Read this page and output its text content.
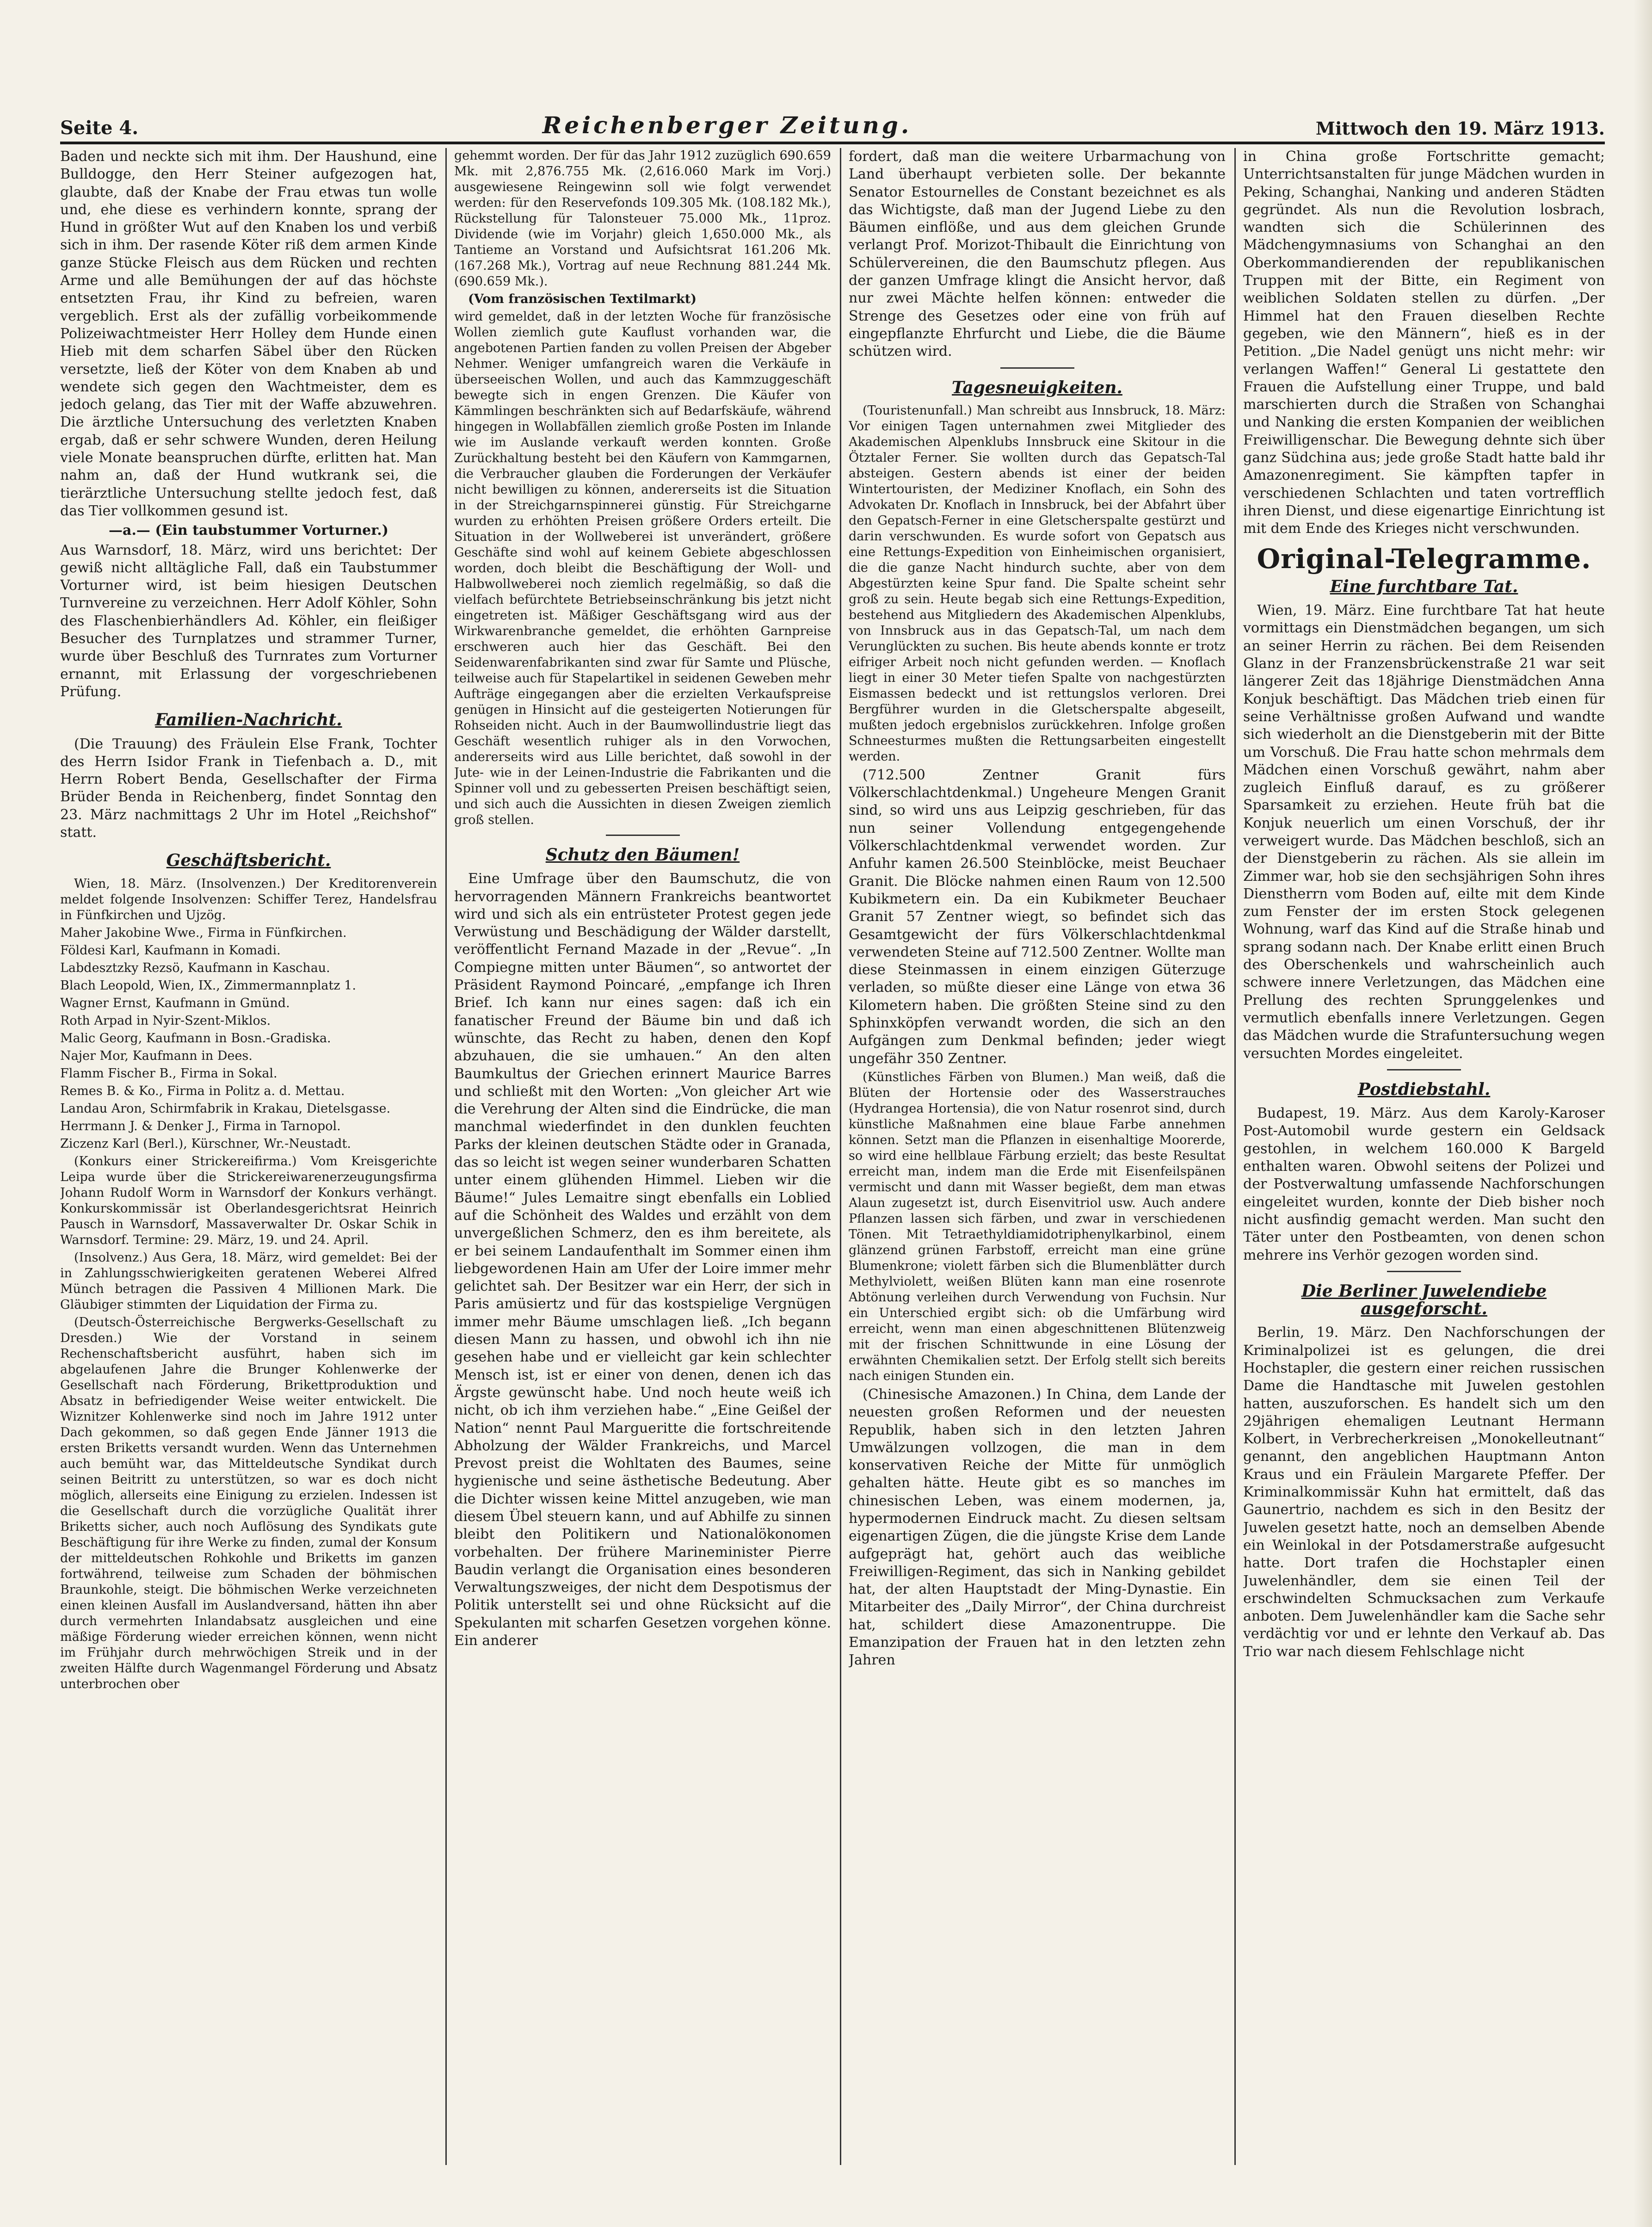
Seite 4.	Reichenberger Zeitung.	Mittwoch den 19. März 1913.

Baden und neckte sich mit ihm. Der Haushund, eine Bulldogge, den Herr Steiner aufgezogen hat, glaubte, daß der Knabe der Frau etwas tun wolle und, ehe diese es verhindern konnte, sprang der Hund in größter Wut auf den Knaben los und verbiß sich in ihm. Der rasende Köter riß dem armen Kinde ganze Stücke Fleisch aus dem Rücken und rechten Arme und alle Bemühungen der auf das höchste entsetzten Frau, ihr Kind zu befreien, waren vergeblich. Erst als der zufällig vorbeikommende Polizeiwachtmeister Herr Holley dem Hunde einen Hieb mit dem scharfen Säbel über den Rücken versetzte, ließ der Köter von dem Knaben ab und wendete sich gegen den Wachtmeister, dem es jedoch gelang, das Tier mit der Waffe abzuwehren. Die ärztliche Untersuchung des verletzten Knaben ergab, daß er sehr schwere Wunden, deren Heilung viele Monate beanspruchen dürfte, erlitten hat. Man nahm an, daß der Hund wutkrank sei, die tierärztliche Untersuchung stellte jedoch fest, daß das Tier vollkommen gesund ist.

—a.— (Ein taubstummer Vorturner.)

Aus Warnsdorf, 18. März, wird uns berichtet: Der gewiß nicht alltägliche Fall, daß ein Taubstummer Vorturner wird, ist beim hiesigen Deutschen Turnvereine zu verzeichnen. Herr Adolf Köhler, Sohn des Flaschenbierhändlers Ad. Köhler, ein fleißiger Besucher des Turnplatzes und strammer Turner, wurde über Beschluß des Turnrates zum Vorturner ernannt, mit Erlassung der vorgeschriebenen Prüfung.

Familien-Nachricht.

(Die Trauung) des Fräulein Else Frank, Tochter des Herrn Isidor Frank in Tiefenbach a. D., mit Herrn Robert Benda, Gesellschafter der Firma Brüder Benda in Reichenberg, findet Sonntag den 23. März nachmittags 2 Uhr im Hotel „Reichshof“ statt.

Geschäftsbericht.

Wien, 18. März. (Insolvenzen.) Der Kreditorenverein meldet folgende Insolvenzen: Schiffer Terez, Handelsfrau in Fünfkirchen und Ujzög.

Maher Jakobine Wwe., Firma in Fünfkirchen.

Földesi Karl, Kaufmann in Komadi.

Labdesztzky Rezsö, Kaufmann in Kaschau.

Blach Leopold, Wien, IX., Zimmermannplatz 1.

Wagner Ernst, Kaufmann in Gmünd.

Roth Arpad in Nyir-Szent-Miklos.

Malic Georg, Kaufmann in Bosn.-Gradiska.

Najer Mor, Kaufmann in Dees.

Flamm Fischer B., Firma in Sokal.

Remes B. & Ko., Firma in Politz a. d. Mettau.

Landau Aron, Schirmfabrik in Krakau, Dietelsgasse.

Herrmann J. & Denker J., Firma in Tarnopol.

Ziczenz Karl (Berl.), Kürschner, Wr.-Neustadt.

(Konkurs einer Strickereifirma.) Vom Kreisgerichte Leipa wurde über die Strickereiwarenerzeugungsfirma Johann Rudolf Worm in Warnsdorf der Konkurs verhängt. Konkurskommissär ist Oberlandesgerichtsrat Heinrich Pausch in Warnsdorf, Massaverwalter Dr. Oskar Schik in Warnsdorf. Termine: 29. März, 19. und 24. April.

(Insolvenz.) Aus Gera, 18. März, wird gemeldet: Bei der in Zahlungsschwierigkeiten geratenen Weberei Alfred Münch betragen die Passiven 4 Millionen Mark. Die Gläubiger stimmten der Liquidation der Firma zu.

(Deutsch-Österreichische Bergwerks-Gesellschaft zu Dresden.) Wie der Vorstand in seinem Rechenschaftsbericht ausführt, haben sich im abgelaufenen Jahre die Brunger Kohlenwerke der Gesellschaft nach Förderung, Brikettproduktion und Absatz in befriedigender Weise weiter entwickelt. Die Wiznitzer Kohlenwerke sind noch im Jahre 1912 unter Dach gekommen, so daß gegen Ende Jänner 1913 die ersten Briketts versandt wurden. Wenn das Unternehmen auch bemüht war, das Mitteldeutsche Syndikat durch seinen Beitritt zu unterstützen, so war es doch nicht möglich, allerseits eine Einigung zu erzielen. Indessen ist die Gesellschaft durch die vorzügliche Qualität ihrer Briketts sicher, auch noch Auflösung des Syndikats gute Beschäftigung für ihre Werke zu finden, zumal der Konsum der mitteldeutschen Rohkohle und Briketts im ganzen fortwährend, teilweise zum Schaden der böhmischen Braunkohle, steigt. Die böhmischen Werke verzeichneten einen kleinen Ausfall im Auslandversand, hätten ihn aber durch vermehrten Inlandabsatz ausgleichen und eine mäßige Förderung wieder erreichen können, wenn nicht im Frühjahr durch mehrwöchigen Streik und in der zweiten Hälfte durch Wagenmangel Förderung und Absatz unterbrochen ober

gehemmt worden. Der für das Jahr 1912 zuzüglich 690.659 Mk. mit 2,876.755 Mk. (2,616.060 Mark im Vorj.) ausgewiesene Reingewinn soll wie folgt verwendet werden: für den Reservefonds 109.305 Mk. (108.182 Mk.), Rückstellung für Talonsteuer 75.000 Mk., 11proz. Dividende (wie im Vorjahr) gleich 1,650.000 Mk., als Tantieme an Vorstand und Aufsichtsrat 161.206 Mk. (167.268 Mk.), Vortrag auf neue Rechnung 881.244 Mk. (690.659 Mk.).

(Vom französischen Textilmarkt)

wird gemeldet, daß in der letzten Woche für französische Wollen ziemlich gute Kauflust vorhanden war, die angebotenen Partien fanden zu vollen Preisen der Abgeber Nehmer. Weniger umfangreich waren die Verkäufe in überseeischen Wollen, und auch das Kammzuggeschäft bewegte sich in engen Grenzen. Die Käufer von Kämmlingen beschränkten sich auf Bedarfskäufe, während hingegen in Wollabfällen ziemlich große Posten im Inlande wie im Auslande verkauft werden konnten. Große Zurückhaltung besteht bei den Käufern von Kammgarnen, die Verbraucher glauben die Forderungen der Verkäufer nicht bewilligen zu können, andererseits ist die Situation in der Streichgarnspinnerei günstig. Für Streichgarne wurden zu erhöhten Preisen größere Orders erteilt. Die Situation in der Wollweberei ist unverändert, größere Geschäfte sind wohl auf keinem Gebiete abgeschlossen worden, doch bleibt die Beschäftigung der Woll- und Halbwollweberei noch ziemlich regelmäßig, so daß die vielfach befürchtete Betriebseinschränkung bis jetzt nicht eingetreten ist. Mäßiger Geschäftsgang wird aus der Wirkwarenbranche gemeldet, die erhöhten Garnpreise erschweren auch hier das Geschäft. Bei den Seidenwarenfabrikanten sind zwar für Samte und Plüsche, teilweise auch für Stapelartikel in seidenen Geweben mehr Aufträge eingegangen aber die erzielten Verkaufspreise genügen in Hinsicht auf die gesteigerten Notierungen für Rohseiden nicht. Auch in der Baumwollindustrie liegt das Geschäft wesentlich ruhiger als in den Vorwochen, andererseits wird aus Lille berichtet, daß sowohl in der Jute- wie in der Leinen-Industrie die Fabrikanten und die Spinner voll und zu gebesserten Preisen beschäftigt seien, und sich auch die Aussichten in diesen Zweigen ziemlich groß stellen.

Schutz den Bäumen!

Eine Umfrage über den Baumschutz, die von hervorragenden Männern Frankreichs beantwortet wird und sich als ein entrüsteter Protest gegen jede Verwüstung und Beschädigung der Wälder darstellt, veröffentlicht Fernand Mazade in der „Revue“. „In Compiegne mitten unter Bäumen“, so antwortet der Präsident Raymond Poincaré, „empfange ich Ihren Brief. Ich kann nur eines sagen: daß ich ein fanatischer Freund der Bäume bin und daß ich wünschte, das Recht zu haben, denen den Kopf abzuhauen, die sie umhauen.“ An den alten Baumkultus der Griechen erinnert Maurice Barres und schließt mit den Worten: „Von gleicher Art wie die Verehrung der Alten sind die Eindrücke, die man manchmal wiederfindet in den dunklen feuchten Parks der kleinen deutschen Städte oder in Granada, das so leicht ist wegen seiner wunderbaren Schatten unter einem glühenden Himmel. Lieben wir die Bäume!“ Jules Lemaitre singt ebenfalls ein Loblied auf die Schönheit des Waldes und erzählt von dem unvergeßlichen Schmerz, den es ihm bereitete, als er bei seinem Landaufenthalt im Sommer einen ihm liebgewordenen Hain am Ufer der Loire immer mehr gelichtet sah. Der Besitzer war ein Herr, der sich in Paris amüsiertz und für das kostspielige Vergnügen immer mehr Bäume umschlagen ließ. „Ich begann diesen Mann zu hassen, und obwohl ich ihn nie gesehen habe und er vielleicht gar kein schlechter Mensch ist, ist er einer von denen, denen ich das Ärgste gewünscht habe. Und noch heute weiß ich nicht, ob ich ihm verziehen habe.“ „Eine Geißel der Nation“ nennt Paul Margueritte die fortschreitende Abholzung der Wälder Frankreichs, und Marcel Prevost preist die Wohltaten des Baumes, seine hygienische und seine ästhetische Bedeutung. Aber die Dichter wissen keine Mittel anzugeben, wie man diesem Übel steuern kann, und auf Abhilfe zu sinnen bleibt den Politikern und Nationalökonomen vorbehalten. Der frühere Marineminister Pierre Baudin verlangt die Organisation eines besonderen Verwaltungszweiges, der nicht dem Despotismus der Politik unterstellt sei und ohne Rücksicht auf die Spekulanten mit scharfen Gesetzen vorgehen könne. Ein anderer

fordert, daß man die weitere Urbarmachung von Land überhaupt verbieten solle. Der bekannte Senator Estournelles de Constant bezeichnet es als das Wichtigste, daß man der Jugend Liebe zu den Bäumen einflöße, und aus dem gleichen Grunde verlangt Prof. Morizot-Thibault die Einrichtung von Schülervereinen, die den Baumschutz pflegen. Aus der ganzen Umfrage klingt die Ansicht hervor, daß nur zwei Mächte helfen können: entweder die Strenge des Gesetzes oder eine von früh auf eingepflanzte Ehrfurcht und Liebe, die die Bäume schützen wird.

Tagesneuigkeiten.

(Touristenunfall.) Man schreibt aus Innsbruck, 18. März: Vor einigen Tagen unternahmen zwei Mitglieder des Akademischen Alpenklubs Innsbruck eine Skitour in die Ötztaler Ferner. Sie wollten durch das Gepatsch-Tal absteigen. Gestern abends ist einer der beiden Wintertouristen, der Mediziner Knoflach, ein Sohn des Advokaten Dr. Knoflach in Innsbruck, bei der Abfahrt über den Gepatsch-Ferner in eine Gletscherspalte gestürzt und darin verschwunden. Es wurde sofort von Gepatsch aus eine Rettungs-Expedition von Einheimischen organisiert, die die ganze Nacht hindurch suchte, aber von dem Abgestürzten keine Spur fand. Die Spalte scheint sehr groß zu sein. Heute begab sich eine Rettungs-Expedition, bestehend aus Mitgliedern des Akademischen Alpenklubs, von Innsbruck aus in das Gepatsch-Tal, um nach dem Verunglückten zu suchen. Bis heute abends konnte er trotz eifriger Arbeit noch nicht gefunden werden. — Knoflach liegt in einer 30 Meter tiefen Spalte von nachgestürzten Eismassen bedeckt und ist rettungslos verloren. Drei Bergführer wurden in die Gletscherspalte abgeseilt, mußten jedoch ergebnislos zurückkehren. Infolge großen Schneesturmes mußten die Rettungsarbeiten eingestellt werden.

(712.500 Zentner Granit fürs Völkerschlachtdenkmal.) Ungeheure Mengen Granit sind, so wird uns aus Leipzig geschrieben, für das nun seiner Vollendung entgegengehende Völkerschlachtdenkmal verwendet worden. Zur Anfuhr kamen 26.500 Steinblöcke, meist Beuchaer Granit. Die Blöcke nahmen einen Raum von 12.500 Kubikmetern ein. Da ein Kubikmeter Beuchaer Granit 57 Zentner wiegt, so befindet sich das Gesamtgewicht der fürs Völkerschlachtdenkmal verwendeten Steine auf 712.500 Zentner. Wollte man diese Steinmassen in einem einzigen Güterzuge verladen, so müßte dieser eine Länge von etwa 36 Kilometern haben. Die größten Steine sind zu den Sphinxköpfen verwandt worden, die sich an den Aufgängen zum Denkmal befinden; jeder wiegt ungefähr 350 Zentner.

(Künstliches Färben von Blumen.) Man weiß, daß die Blüten der Hortensie oder des Wasserstrauches (Hydrangea Hortensia), die von Natur rosenrot sind, durch künstliche Maßnahmen eine blaue Farbe annehmen können. Setzt man die Pflanzen in eisenhaltige Moorerde, so wird eine hellblaue Färbung erzielt; das beste Resultat erreicht man, indem man die Erde mit Eisenfeilspänen vermischt und dann mit Wasser begießt, dem man etwas Alaun zugesetzt ist, durch Eisenvitriol usw. Auch andere Pflanzen lassen sich färben, und zwar in verschiedenen Tönen. Mit Tetraethyldiamidotriphenylkarbinol, einem glänzend grünen Farbstoff, erreicht man eine grüne Blumenkrone; violett färben sich die Blumenblätter durch Methylviolett, weißen Blüten kann man eine rosenrote Abtönung verleihen durch Verwendung von Fuchsin. Nur ein Unterschied ergibt sich: ob die Umfärbung wird erreicht, wenn man einen abgeschnittenen Blütenzweig mit der frischen Schnittwunde in eine Lösung der erwähnten Chemikalien setzt. Der Erfolg stellt sich bereits nach einigen Stunden ein.

(Chinesische Amazonen.) In China, dem Lande der neuesten großen Reformen und der neuesten Republik, haben sich in den letzten Jahren Umwälzungen vollzogen, die man in dem konservativen Reiche der Mitte für unmöglich gehalten hätte. Heute gibt es so manches im chinesischen Leben, was einem modernen, ja, hypermodernen Eindruck macht. Zu diesen seltsam eigenartigen Zügen, die die jüngste Krise dem Lande aufgeprägt hat, gehört auch das weibliche Freiwilligen-Regiment, das sich in Nanking gebildet hat, der alten Hauptstadt der Ming-Dynastie. Ein Mitarbeiter des „Daily Mirror“, der China durchreist hat, schildert diese Amazonentruppe. Die Emanzipation der Frauen hat in den letzten zehn Jahren

in China große Fortschritte gemacht; Unterrichtsanstalten für junge Mädchen wurden in Peking, Schanghai, Nanking und anderen Städten gegründet. Als nun die Revolution losbrach, wandten sich die Schülerinnen des Mädchengymnasiums von Schanghai an den Oberkommandierenden der republikanischen Truppen mit der Bitte, ein Regiment von weiblichen Soldaten stellen zu dürfen. „Der Himmel hat den Frauen dieselben Rechte gegeben, wie den Männern“, hieß es in der Petition. „Die Nadel genügt uns nicht mehr: wir verlangen Waffen!“ General Li gestattete den Frauen die Aufstellung einer Truppe, und bald marschierten durch die Straßen von Schanghai und Nanking die ersten Kompanien der weiblichen Freiwilligenschar. Die Bewegung dehnte sich über ganz Südchina aus; jede große Stadt hatte bald ihr Amazonenregiment. Sie kämpften tapfer in verschiedenen Schlachten und taten vortrefflich ihren Dienst, und diese eigenartige Einrichtung ist mit dem Ende des Krieges nicht verschwunden.

Original-Telegramme.
Eine furchtbare Tat.

Wien, 19. März. Eine furchtbare Tat hat heute vormittags ein Dienstmädchen begangen, um sich an seiner Herrin zu rächen. Bei dem Reisenden Glanz in der Franzensbrückenstraße 21 war seit längerer Zeit das 18jährige Dienstmädchen Anna Konjuk beschäftigt. Das Mädchen trieb einen für seine Verhältnisse großen Aufwand und wandte sich wiederholt an die Dienstgeberin mit der Bitte um Vorschuß. Die Frau hatte schon mehrmals dem Mädchen einen Vorschuß gewährt, nahm aber zugleich Einfluß darauf, es zu größerer Sparsamkeit zu erziehen. Heute früh bat die Konjuk neuerlich um einen Vorschuß, der ihr verweigert wurde. Das Mädchen beschloß, sich an der Dienstgeberin zu rächen. Als sie allein im Zimmer war, hob sie den sechsjährigen Sohn ihres Dienstherrn vom Boden auf, eilte mit dem Kinde zum Fenster der im ersten Stock gelegenen Wohnung, warf das Kind auf die Straße hinab und sprang sodann nach. Der Knabe erlitt einen Bruch des Oberschenkels und wahrscheinlich auch schwere innere Verletzungen, das Mädchen eine Prellung des rechten Sprunggelenkes und vermutlich ebenfalls innere Verletzungen. Gegen das Mädchen wurde die Strafuntersuchung wegen versuchten Mordes eingeleitet.

Postdiebstahl.

Budapest, 19. März. Aus dem Karoly-Karoser Post-Automobil wurde gestern ein Geldsack gestohlen, in welchem 160.000 K Bargeld enthalten waren. Obwohl seitens der Polizei und der Postverwaltung umfassende Nachforschungen eingeleitet wurden, konnte der Dieb bisher noch nicht ausfindig gemacht werden. Man sucht den Täter unter den Postbeamten, von denen schon mehrere ins Verhör gezogen worden sind.

Die Berliner Juwelendiebe ausgeforscht.

Berlin, 19. März. Den Nachforschungen der Kriminalpolizei ist es gelungen, die drei Hochstapler, die gestern einer reichen russischen Dame die Handtasche mit Juwelen gestohlen hatten, auszuforschen. Es handelt sich um den 29jährigen ehemaligen Leutnant Hermann Kolbert, in Verbrecherkreisen „Monokelleutnant“ genannt, den angeblichen Hauptmann Anton Kraus und ein Fräulein Margarete Pfeffer. Der Kriminalkommissär Kuhn hat ermittelt, daß das Gaunertrio, nachdem es sich in den Besitz der Juwelen gesetzt hatte, noch an demselben Abende ein Weinlokal in der Potsdamerstraße aufgesucht hatte. Dort trafen die Hochstapler einen Juwelenhändler, dem sie einen Teil der erschwindelten Schmucksachen zum Verkaufe anboten. Dem Juwelenhändler kam die Sache sehr verdächtig vor und er lehnte den Verkauf ab. Das Trio war nach diesem Fehlschlage nicht
